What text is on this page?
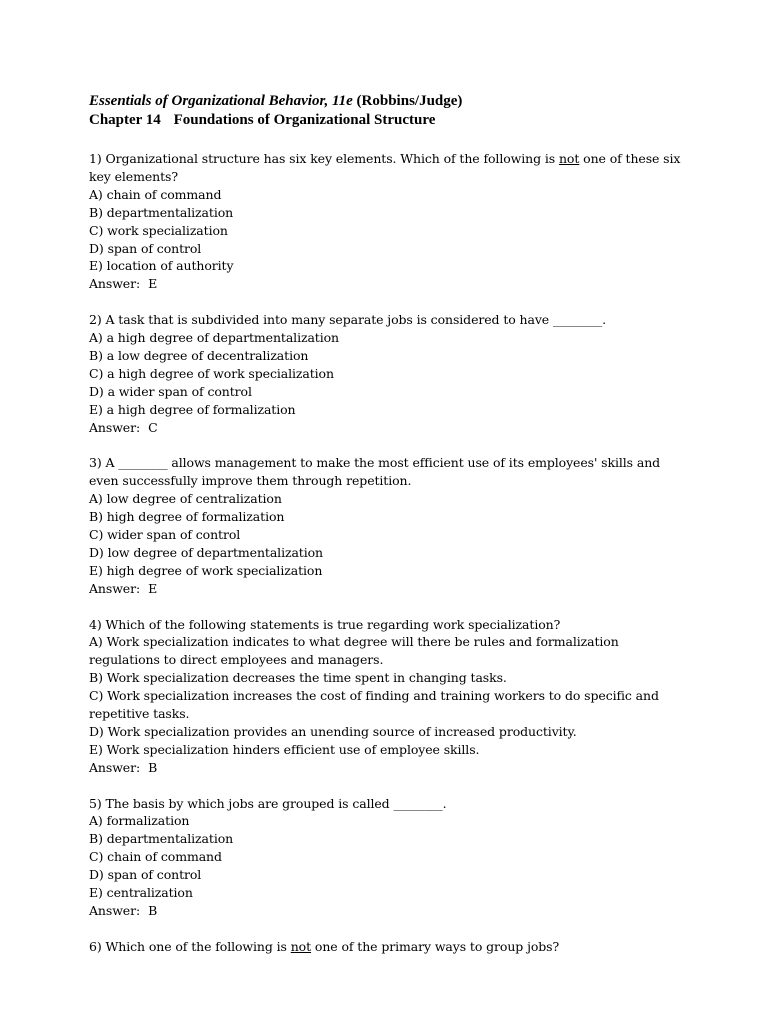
Essentials of Organizational Behavior, 11e (Robbins/Judge)
Chapter 14 Foundations of Organizational Structure
1) Organizational structure has six key elements. Which of the following is not one of these six key elements?
A) chain of command
B) departmentalization
C) work specialization
D) span of control
E) location of authority
Answer: E
2) A task that is subdivided into many separate jobs is considered to have ________.
A) a high degree of departmentalization
B) a low degree of decentralization
C) a high degree of work specialization
D) a wider span of control
E) a high degree of formalization
Answer: C
3) A ________ allows management to make the most efficient use of its employees' skills and even successfully improve them through repetition.
A) low degree of centralization
B) high degree of formalization
C) wider span of control
D) low degree of departmentalization
E) high degree of work specialization
Answer: E
4) Which of the following statements is true regarding work specialization?
A) Work specialization indicates to what degree will there be rules and formalization regulations to direct employees and managers.
B) Work specialization decreases the time spent in changing tasks.
C) Work specialization increases the cost of finding and training workers to do specific and repetitive tasks.
D) Work specialization provides an unending source of increased productivity.
E) Work specialization hinders efficient use of employee skills.
Answer: B
5) The basis by which jobs are grouped is called ________.
A) formalization
B) departmentalization
C) chain of command
D) span of control
E) centralization
Answer: B
6) Which one of the following is not one of the primary ways to group jobs?
